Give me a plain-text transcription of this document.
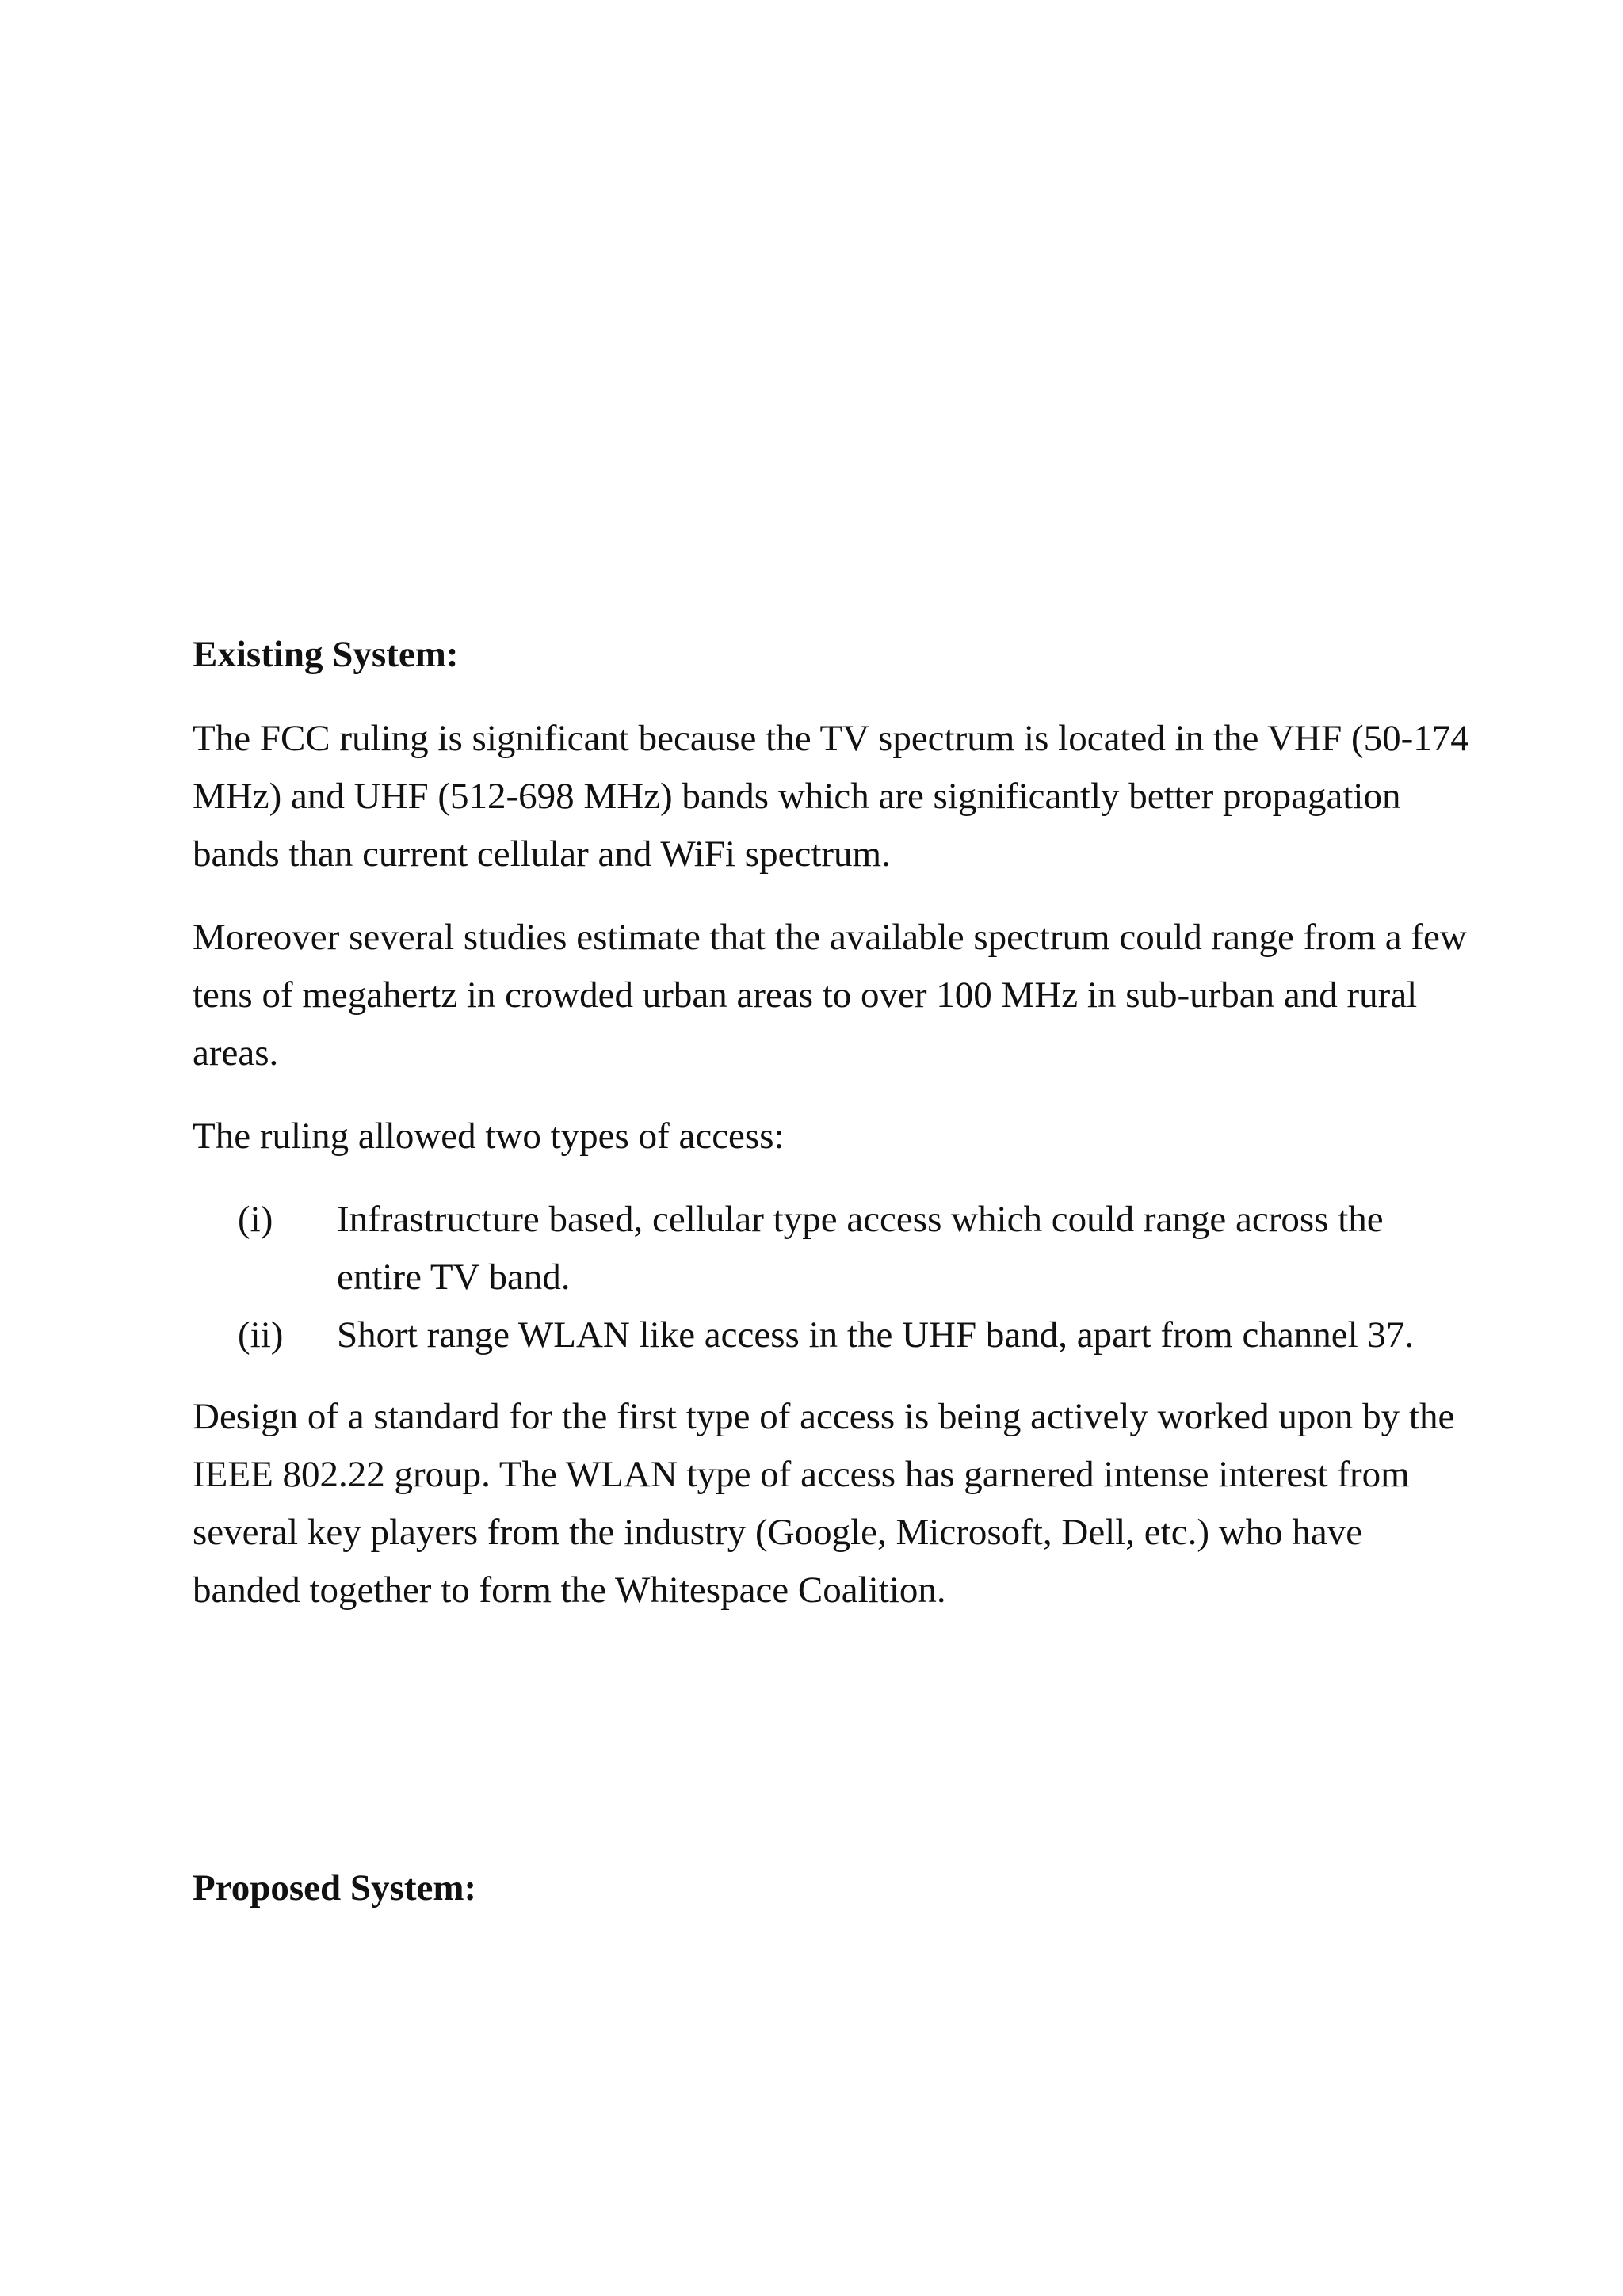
Existing System:

The FCC ruling is significant because the TV spectrum is located in the VHF (50-174 MHz) and UHF (512-698 MHz) bands which are significantly better propagation bands than current cellular and WiFi spectrum.

Moreover several studies estimate that the available spectrum could range from a few tens of megahertz in crowded urban areas to over 100 MHz in sub-urban and rural areas.

The ruling allowed two types of access:

(i) Infrastructure based, cellular type access which could range across the entire TV band.
(ii) Short range WLAN like access in the UHF band, apart from channel 37.

Design of a standard for the first type of access is being actively worked upon by the IEEE 802.22 group. The WLAN type of access has garnered intense interest from several key players from the industry (Google, Microsoft, Dell, etc.) who have banded together to form the Whitespace Coalition.

Proposed System:
